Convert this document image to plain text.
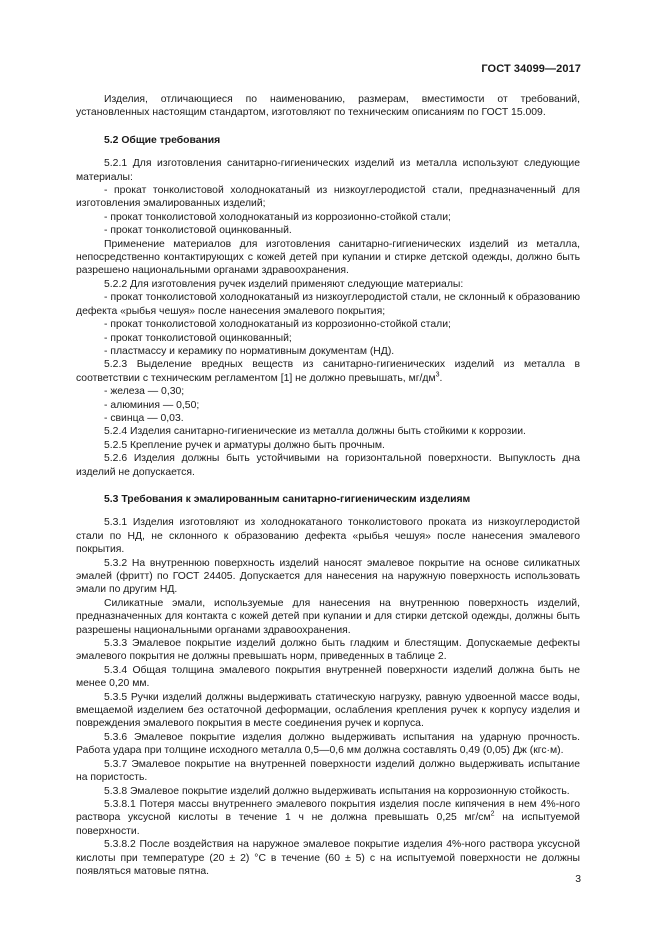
ГОСТ 34099—2017

Изделия, отличающиеся по наименованию, размерам, вместимости от требований, установленных настоящим стандартом, изготовляют по техническим описаниям по ГОСТ 15.009.

5.2 Общие требования

5.2.1 Для изготовления санитарно-гигиенических изделий из металла используют следующие материалы:

- прокат тонколистовой холоднокатаный из низкоуглеродистой стали, предназначенный для изготовления эмалированных изделий;

- прокат тонколистовой холоднокатаный из коррозионно-стойкой стали;

- прокат тонколистовой оцинкованный.

Применение материалов для изготовления санитарно-гигиенических изделий из металла, непосредственно контактирующих с кожей детей при купании и стирке детской одежды, должно быть разрешено национальными органами здравоохранения.

5.2.2 Для изготовления ручек изделий применяют следующие материалы:

- прокат тонколистовой холоднокатаный из низкоуглеродистой стали, не склонный к образованию дефекта «рыбья чешуя» после нанесения эмалевого покрытия;

- прокат тонколистовой холоднокатаный из коррозионно-стойкой стали;

- прокат тонколистовой оцинкованный;

- пластмассу и керамику по нормативным документам (НД).

5.2.3 Выделение вредных веществ из санитарно-гигиенических изделий из металла в соответствии с техническим регламентом [1] не должно превышать, $мг/дм^3$.

- железа — 0,30;

- алюминия — 0,50;

- свинца — 0,03.

5.2.4 Изделия санитарно-гигиенические из металла должны быть стойкими к коррозии.

5.2.5 Крепление ручек и арматуры должно быть прочным.

5.2.6 Изделия должны быть устойчивыми на горизонтальной поверхности. Выпуклость дна изделий не допускается.

5.3 Требования к эмалированным санитарно-гигиеническим изделиям

5.3.1 Изделия изготовляют из холоднокатаного тонколистового проката из низкоуглеродистой стали по НД, не склонного к образованию дефекта «рыбья чешуя» после нанесения эмалевого покрытия.

5.3.2 На внутреннюю поверхность изделий наносят эмалевое покрытие на основе силикатных эмалей (фритт) по ГОСТ 24405. Допускается для нанесения на наружную поверхность использовать эмали по другим НД.

Силикатные эмали, используемые для нанесения на внутреннюю поверхность изделий, предназначенных для контакта с кожей детей при купании и для стирки детской одежды, должны быть разрешены национальными органами здравоохранения.

5.3.3 Эмалевое покрытие изделий должно быть гладким и блестящим. Допускаемые дефекты эмалевого покрытия не должны превышать норм, приведенных в таблице 2.

5.3.4 Общая толщина эмалевого покрытия внутренней поверхности изделий должна быть не менее 0,20 мм.

5.3.5 Ручки изделий должны выдерживать статическую нагрузку, равную удвоенной массе воды, вмещаемой изделием без остаточной деформации, ослабления крепления ручек к корпусу изделия и повреждения эмалевого покрытия в месте соединения ручек и корпуса.

5.3.6 Эмалевое покрытие изделия должно выдерживать испытания на ударную прочность. Работа удара при толщине исходного металла 0,5—0,6 мм должна составлять 0,49 (0,05) Дж (кгс·м).

5.3.7 Эмалевое покрытие на внутренней поверхности изделий должно выдерживать испытание на пористость.

5.3.8 Эмалевое покрытие изделий должно выдерживать испытания на коррозионную стойкость.

5.3.8.1 Потеря массы внутреннего эмалевого покрытия изделия после кипячения в нем 4%-ного раствора уксусной кислоты в течение 1 ч не должна превышать 0,25 $мг/см^2$ на испытуемой поверхности.

5.3.8.2 После воздействия на наружное эмалевое покрытие изделия 4%-ного раствора уксусной кислоты при температуре (20 ± 2) °С в течение (60 ± 5) с на испытуемой поверхности не должны появляться матовые пятна.

3
